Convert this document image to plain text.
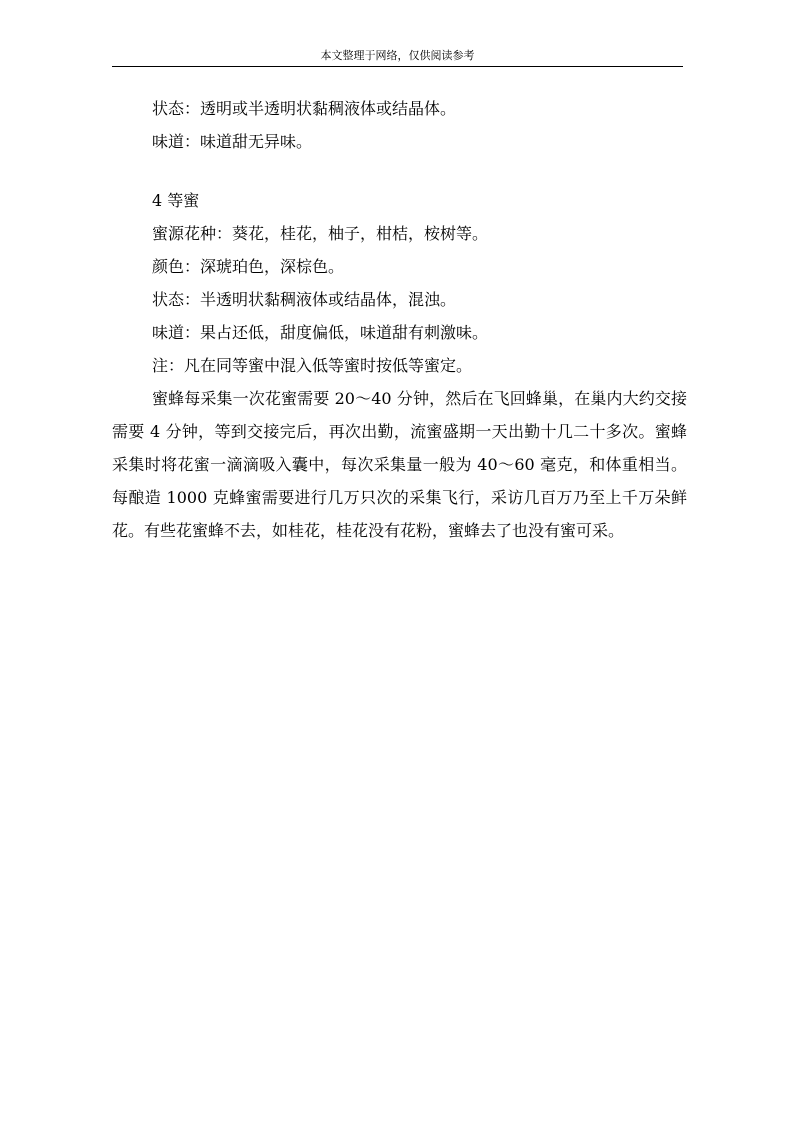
本文整理于网络，仅供阅读参考
状态：透明或半透明状黏稠液体或结晶体。
味道：味道甜无异味。
4 等蜜
蜜源花种：葵花，桂花，柚子，柑桔，桉树等。
颜色：深琥珀色，深棕色。
状态：半透明状黏稠液体或结晶体，混浊。
味道：果占还低，甜度偏低，味道甜有刺激味。
注：凡在同等蜜中混入低等蜜时按低等蜜定。

蜜蜂每采集一次花蜜需要 20～40 分钟，然后在飞回蜂巢，在巢内大约交接需要 4 分钟，等到交接完后，再次出勤，流蜜盛期一天出勤十几二十多次。蜜蜂采集时将花蜜一滴滴吸入囊中，每次采集量一般为 40～60 毫克，和体重相当。每酿造 1000 克蜂蜜需要进行几万只次的采集飞行，采访几百万乃至上千万朵鲜花。有些花蜜蜂不去，如桂花，桂花没有花粉，蜜蜂去了也没有蜜可采。
